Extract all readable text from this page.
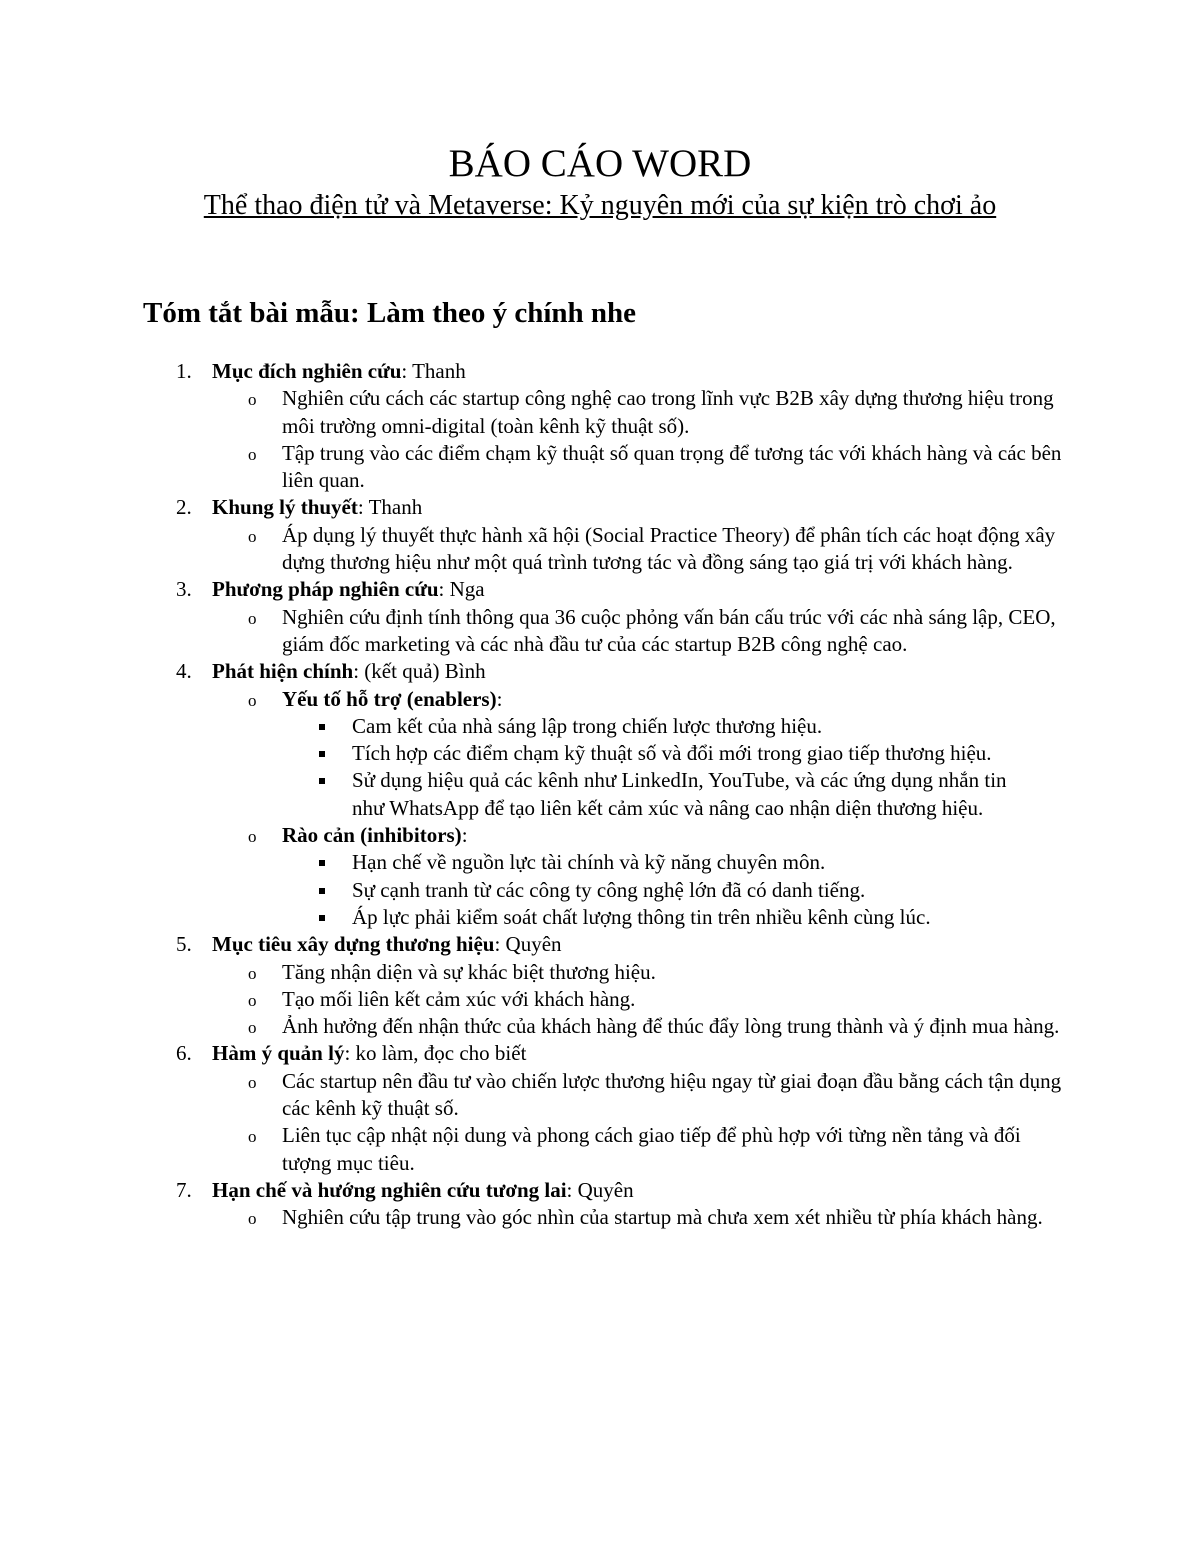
BÁO CÁO WORD
Thể thao điện tử và Metaverse: Kỷ nguyên mới của sự kiện trò chơi ảo
Tóm tắt bài mẫu: Làm theo ý chính nhe
1. Mục đích nghiên cứu: Thanh
o Nghiên cứu cách các startup công nghệ cao trong lĩnh vực B2B xây dựng thương hiệu trong môi trường omni-digital (toàn kênh kỹ thuật số).
o Tập trung vào các điểm chạm kỹ thuật số quan trọng để tương tác với khách hàng và các bên liên quan.
2. Khung lý thuyết: Thanh
o Áp dụng lý thuyết thực hành xã hội (Social Practice Theory) để phân tích các hoạt động xây dựng thương hiệu như một quá trình tương tác và đồng sáng tạo giá trị với khách hàng.
3. Phương pháp nghiên cứu: Nga
o Nghiên cứu định tính thông qua 36 cuộc phỏng vấn bán cấu trúc với các nhà sáng lập, CEO, giám đốc marketing và các nhà đầu tư của các startup B2B công nghệ cao.
4. Phát hiện chính: (kết quả) Bình
o Yếu tố hỗ trợ (enablers):
Cam kết của nhà sáng lập trong chiến lược thương hiệu.
Tích hợp các điểm chạm kỹ thuật số và đổi mới trong giao tiếp thương hiệu.
Sử dụng hiệu quả các kênh như LinkedIn, YouTube, và các ứng dụng nhắn tin như WhatsApp để tạo liên kết cảm xúc và nâng cao nhận diện thương hiệu.
o Rào cản (inhibitors):
Hạn chế về nguồn lực tài chính và kỹ năng chuyên môn.
Sự cạnh tranh từ các công ty công nghệ lớn đã có danh tiếng.
Áp lực phải kiểm soát chất lượng thông tin trên nhiều kênh cùng lúc.
5. Mục tiêu xây dựng thương hiệu: Quyên
o Tăng nhận diện và sự khác biệt thương hiệu.
o Tạo mối liên kết cảm xúc với khách hàng.
o Ảnh hưởng đến nhận thức của khách hàng để thúc đẩy lòng trung thành và ý định mua hàng.
6. Hàm ý quản lý: ko làm, đọc cho biết
o Các startup nên đầu tư vào chiến lược thương hiệu ngay từ giai đoạn đầu bằng cách tận dụng các kênh kỹ thuật số.
o Liên tục cập nhật nội dung và phong cách giao tiếp để phù hợp với từng nền tảng và đối tượng mục tiêu.
7. Hạn chế và hướng nghiên cứu tương lai: Quyên
o Nghiên cứu tập trung vào góc nhìn của startup mà chưa xem xét nhiều từ phía khách hàng.
